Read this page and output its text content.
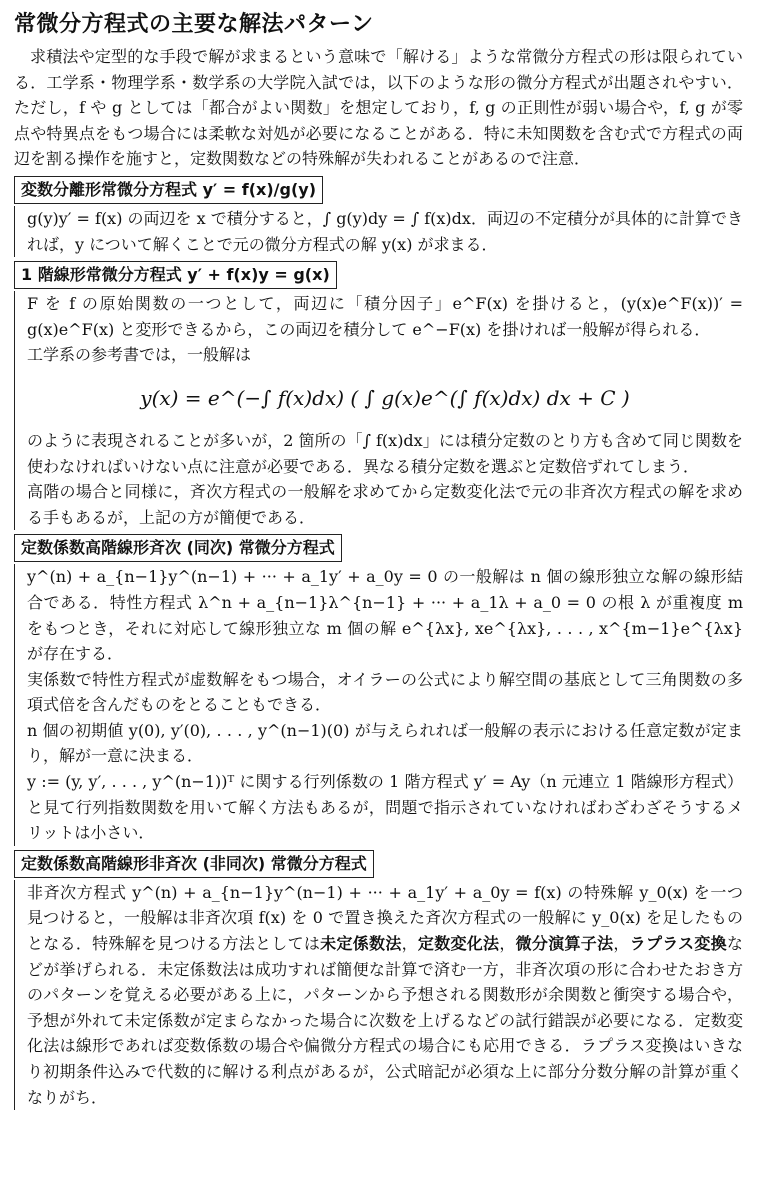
常微分方程式の主要な解法パターン

求積法や定型的な手段で解が求まるという意味で「解ける」ような常微分方程式の形は限られている．工学系・物理学系・数学系の大学院入試では，以下のような形の微分方程式が出題されやすい．ただし，f や g としては「都合がよい関数」を想定しており，f, g の正則性が弱い場合や，f, g が零点や特異点をもつ場合には柔軟な対処が必要になることがある．特に未知関数を含む式で方程式の両辺を割る操作を施すと，定数関数などの特殊解が失われることがあるので注意．

変数分離形常微分方程式 y′ = f(x)/g(y)

g(y)y′ = f(x) の両辺を x で積分すると，∫ g(y)dy = ∫ f(x)dx．両辺の不定積分が具体的に計算できれば，y について解くことで元の微分方程式の解 y(x) が求まる．

1 階線形常微分方程式 y′ + f(x)y = g(x)

F を f の原始関数の一つとして，両辺に「積分因子」e^F(x) を掛けると，(y(x)e^F(x))′ = g(x)e^F(x) と変形できるから，この両辺を積分して e^−F(x) を掛ければ一般解が得られる．

工学系の参考書では，一般解は

y(x) = e^(−∫ f(x)dx) ( ∫ g(x)e^(∫ f(x)dx) dx + C )

のように表現されることが多いが，2 箇所の「∫ f(x)dx」には積分定数のとり方も含めて同じ関数を使わなければいけない点に注意が必要である．異なる積分定数を選ぶと定数倍ずれてしまう．

高階の場合と同様に，斉次方程式の一般解を求めてから定数変化法で元の非斉次方程式の解を求める手もあるが，上記の方が簡便である．

定数係数高階線形斉次 (同次) 常微分方程式

y^(n) + a_{n−1}y^(n−1) + ··· + a_1y′ + a_0y = 0 の一般解は n 個の線形独立な解の線形結合である．特性方程式 λ^n + a_{n−1}λ^{n−1} + ··· + a_1λ + a_0 = 0 の根 λ が重複度 m をもつとき，それに対応して線形独立な m 個の解 e^{λx}, xe^{λx}, . . . , x^{m−1}e^{λx} が存在する．

実係数で特性方程式が虚数解をもつ場合，オイラーの公式により解空間の基底として三角関数の多項式倍を含んだものをとることもできる．

n 個の初期値 y(0), y′(0), . . . , y^(n−1)(0) が与えられれば一般解の表示における任意定数が定まり，解が一意に決まる．

y := (y, y′, . . . , y^(n−1))ᵀ に関する行列係数の 1 階方程式 y′ = Ay（n 元連立 1 階線形方程式）と見て行列指数関数を用いて解く方法もあるが，問題で指示されていなければわざわざそうするメリットは小さい．

定数係数高階線形非斉次 (非同次) 常微分方程式

非斉次方程式 y^(n) + a_{n−1}y^(n−1) + ··· + a_1y′ + a_0y = f(x) の特殊解 y_0(x) を一つ見つけると，一般解は非斉次項 f(x) を 0 で置き換えた斉次方程式の一般解に y_0(x) を足したものとなる．特殊解を見つける方法としては未定係数法，定数変化法，微分演算子法，ラプラス変換などが挙げられる．未定係数法は成功すれば簡便な計算で済む一方，非斉次項の形に合わせたおき方のパターンを覚える必要がある上に，パターンから予想される関数形が余関数と衝突する場合や，予想が外れて未定係数が定まらなかった場合に次数を上げるなどの試行錯誤が必要になる．定数変化法は線形であれば変数係数の場合や偏微分方程式の場合にも応用できる．ラプラス変換はいきなり初期条件込みで代数的に解ける利点があるが，公式暗記が必須な上に部分分数分解の計算が重くなりがち．
